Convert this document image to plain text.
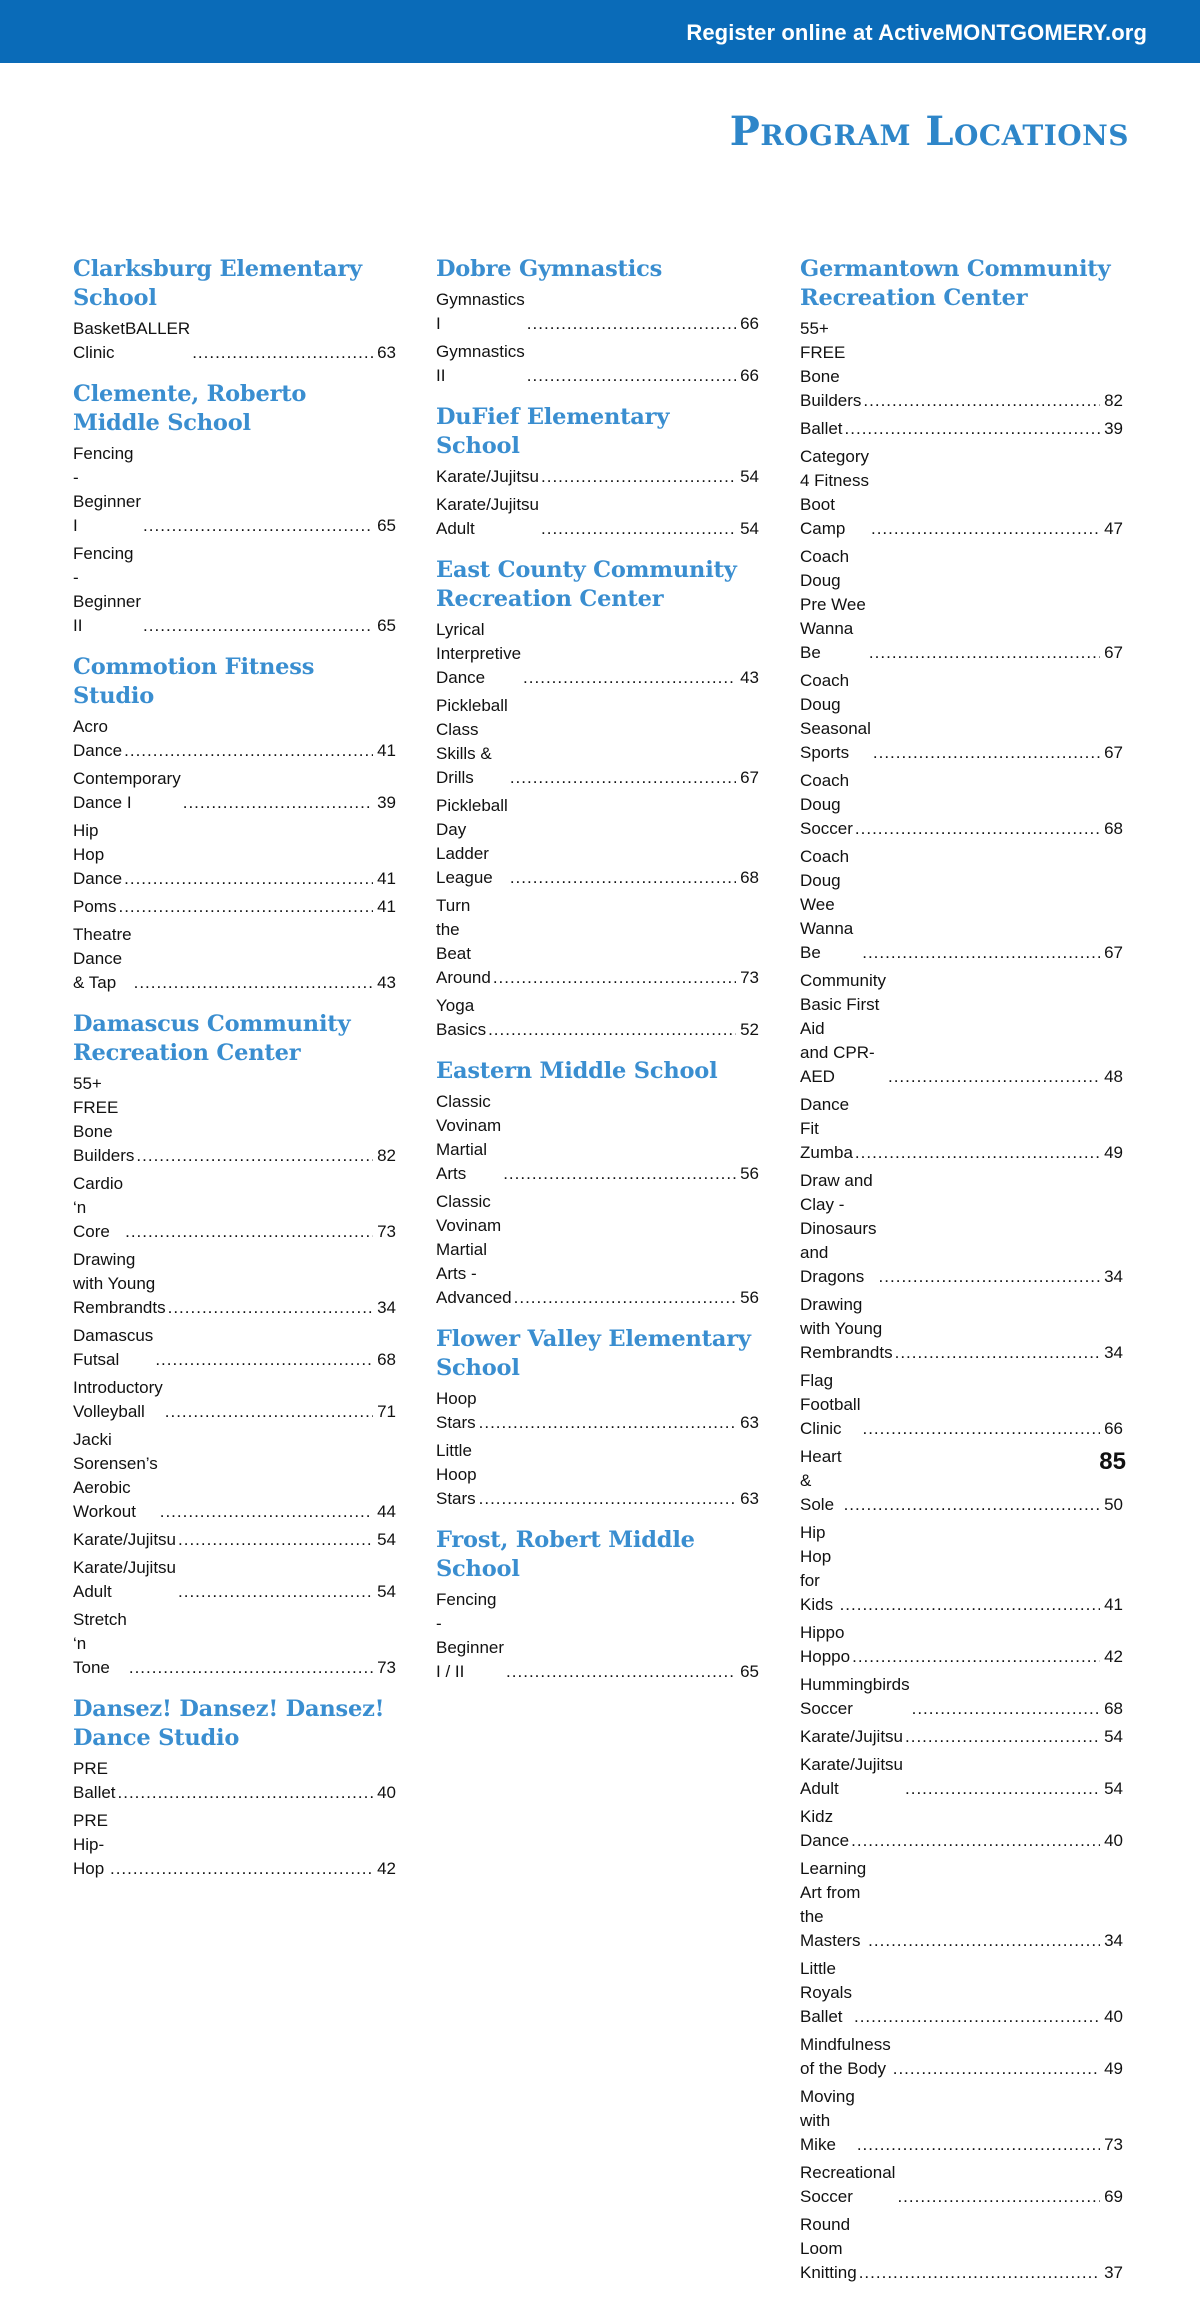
Register online at ActiveMONTGOMERY.org
Program Locations
Clarksburg Elementary School
BasketBALLER Clinic .....	63
Clemente, Roberto Middle School
Fencing - Beginner I .....	65
Fencing - Beginner II .....	65
Commotion Fitness Studio
Acro Dance .....	41
Contemporary Dance I .....	39
Hip Hop Dance .....	41
Poms .....	41
Theatre Dance & Tap .....	43
Damascus Community Recreation Center
55+ FREE Bone Builders .....	82
Cardio ‘n Core .....	73
Drawing with Young Rembrandts .....	34
Damascus Futsal .....	68
Introductory Volleyball .....	71
Jacki Sorensen’s Aerobic Workout .....	44
Karate/Jujitsu .....	54
Karate/Jujitsu Adult .....	54
Stretch ‘n Tone .....	73
Dansez! Dansez! Dansez! Dance Studio
PRE Ballet .....	40
PRE Hip-Hop .....	42
Dobre Gymnastics
Gymnastics I .....	66
Gymnastics II .....	66
DuFief Elementary School
Karate/Jujitsu .....	54
Karate/Jujitsu Adult .....	54
East County Community Recreation Center
Lyrical Interpretive Dance .....	43
Pickleball Class Skills & Drills .....	67
Pickleball Day Ladder League .....	68
Turn the Beat Around .....	73
Yoga Basics .....	52
Eastern Middle School
Classic Vovinam Martial Arts .....	56
Classic Vovinam Martial Arts -
Advanced .....	56
Flower Valley Elementary School
Hoop Stars .....	63
Little Hoop Stars .....	63
Frost, Robert Middle School
Fencing - Beginner I / II .....	65
Germantown Community Recreation Center
55+ FREE Bone Builders .....	82
Ballet .....	39
Category 4 Fitness Boot Camp .....	47
Coach Doug Pre Wee Wanna Be .....	67
Coach Doug Seasonal Sports .....	67
Coach Doug Soccer .....	68
Coach Doug Wee Wanna Be .....	67
Community Basic First Aid
and CPR-AED .....	48
Dance Fit Zumba .....	49
Draw and Clay -
Dinosaurs and Dragons .....	34
Drawing with Young Rembrandts .....	34
Flag Football Clinic .....	66
Heart & Sole .....	50
Hip Hop for Kids .....	41
Hippo Hoppo .....	42
Hummingbirds Soccer .....	68
Karate/Jujitsu .....	54
Karate/Jujitsu Adult .....	54
Kidz Dance .....	40
Learning Art from the Masters .....	34
Little Royals Ballet .....	40
Mindfulness of the Body .....	49
Moving with Mike .....	73
Recreational Soccer .....	69
Round Loom Knitting .....	37
85
